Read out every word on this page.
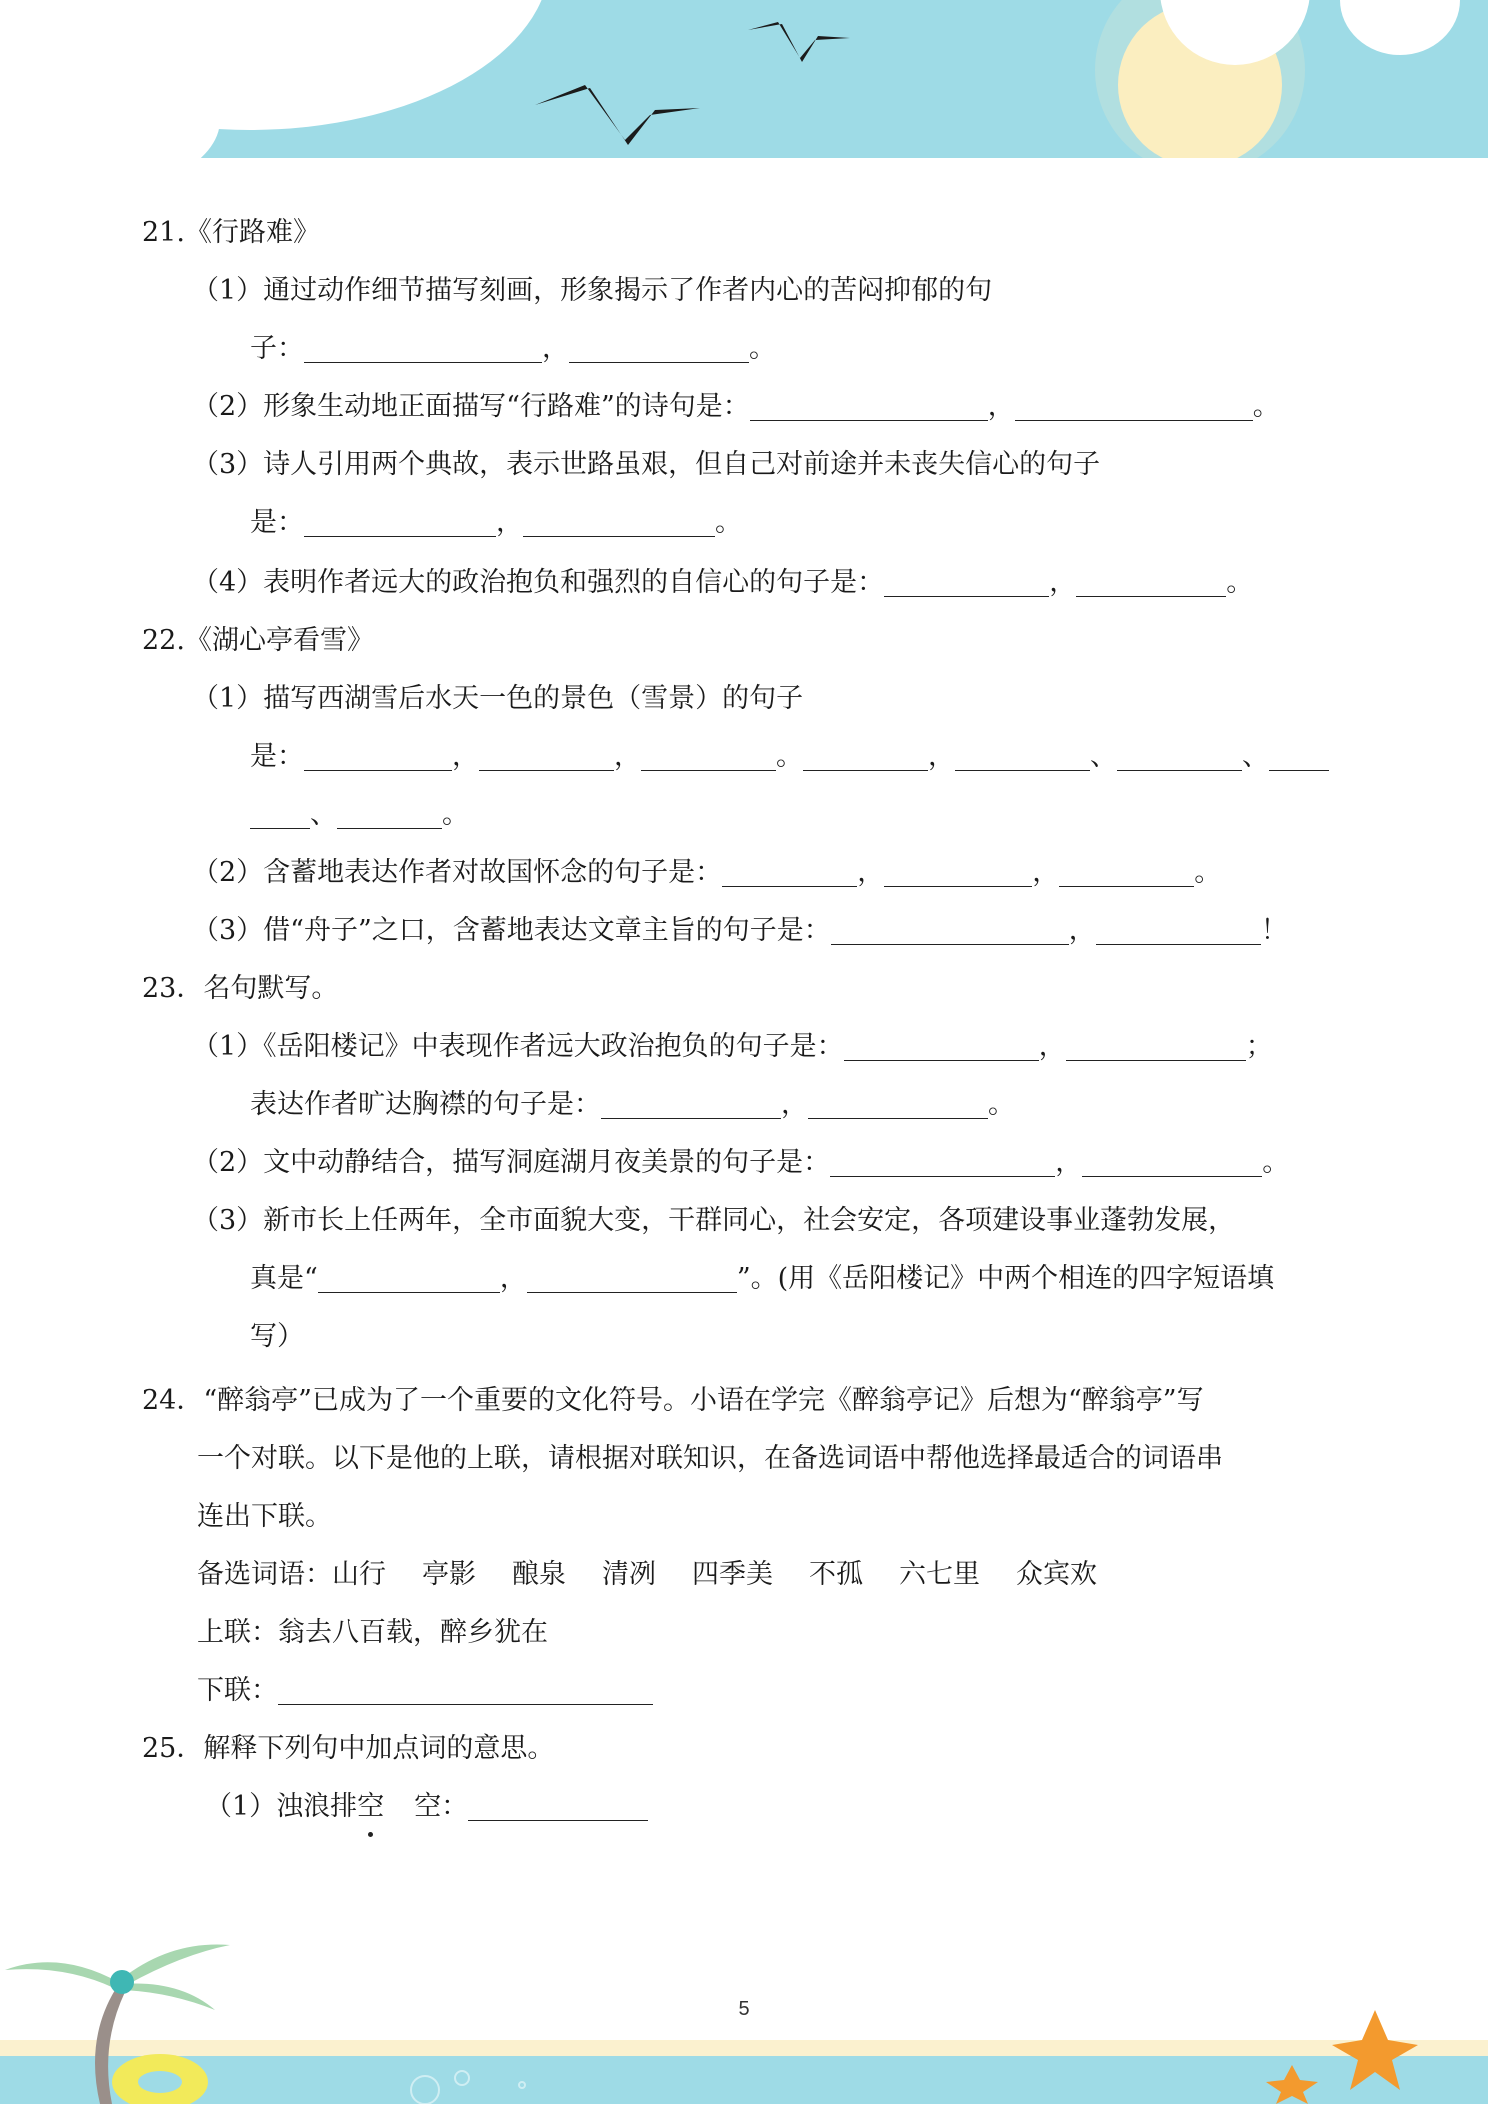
21.《行路难》
（1）通过动作细节描写刻画，形象揭示了作者内心的苦闷抑郁的句
子：	，	。
（2）形象生动地正面描写“行路难”的诗句是：	，	。
（3）诗人引用两个典故，表示世路虽艰，但自己对前途并未丧失信心的句子
是：	，	。
（4）表明作者远大的政治抱负和强烈的自信心的句子是：	，	。
22.《湖心亭看雪》
（1）描写西湖雪后水天一色的景色（雪景）的句子
是：	，	，	。	，	、	、
、	。
（2）含蓄地表达作者对故国怀念的句子是：	，	，	。
（3）借“舟子”之口，含蓄地表达文章主旨的句子是：	，	！
23．名句默写。
（1）《岳阳楼记》中表现作者远大政治抱负的句子是：	，	；
表达作者旷达胸襟的句子是：	，	。
（2）文中动静结合，描写洞庭湖月夜美景的句子是：	，	。
（3）新市长上任两年，全市面貌大变，干群同心，社会安定，各项建设事业蓬勃发展，
真是“	，	”。(用《岳阳楼记》中两个相连的四字短语填
写）
24．“醉翁亭”已成为了一个重要的文化符号。小语在学完《醉翁亭记》后想为“醉翁亭”写
一个对联。以下是他的上联，请根据对联知识，在备选词语中帮他选择最适合的词语串
连出下联。
备选词语：山行 亭影 酿泉 清冽 四季美 不孤 六七里 众宾欢
上联：翁去八百载，醉乡犹在
下联：
25．解释下列句中加点词的意思。
（1）浊浪排空 空：
5
